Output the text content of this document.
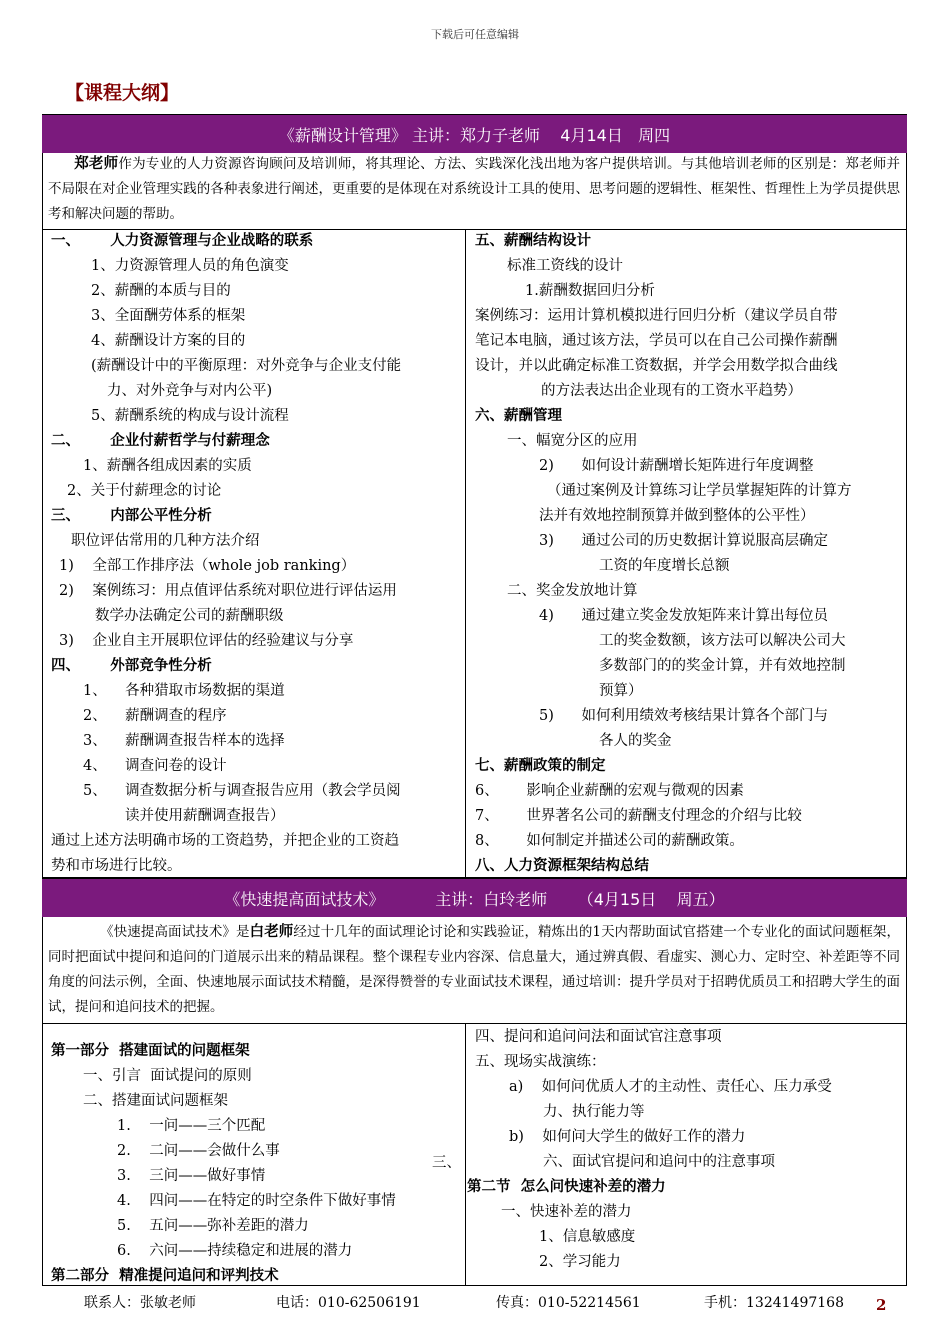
下载后可任意编辑
【课程大纲】
《薪酬设计管理》 主讲：郑力子老师    4月14日   周四
郑老师作为专业的人力资源咨询顾问及培训师，将其理论、方法、实践深化浅出地为客户提供培训。与其他培训老师的区别是：郑老师并不局限在对企业管理实践的各种表象进行阐述，更重要的是体现在对系统设计工具的使用、思考问题的逻辑性、框架性、哲理性上为学员提供思考和解决问题的帮助。
一、      人力资源管理与企业战略的联系
1、力资源管理人员的角色演变
2、薪酬的本质与目的
3、全面酬劳体系的框架
4、薪酬设计方案的目的
(薪酬设计中的平衡原理：对外竞争与企业支付能
力、对外竞争与对内公平)
5、薪酬系统的构成与设计流程
二、      企业付薪哲学与付薪理念
1、薪酬各组成因素的实质
2、关于付薪理念的讨论
三、      内部公平性分析
职位评估常用的几种方法介绍
1)    全部工作排序法（whole job ranking）
2)    案例练习：用点值评估系统对职位进行评估运用
数学办法确定公司的薪酬职级
3)    企业自主开展职位评估的经验建议与分享
四、      外部竞争性分析
1、    各种猎取市场数据的渠道
2、    薪酬调查的程序
3、    薪酬调查报告样本的选择
4、    调查问卷的设计
5、    调查数据分析与调查报告应用（教会学员阅
读并使用薪酬调查报告）
通过上述方法明确市场的工资趋势，并把企业的工资趋
势和市场进行比较。
五、薪酬结构设计
标准工资线的设计
1.薪酬数据回归分析
案例练习：运用计算机模拟进行回归分析（建议学员自带
笔记本电脑，通过该方法，学员可以在自己公司操作薪酬
设计，并以此确定标准工资数据，并学会用数学拟合曲线
的方法表达出企业现有的工资水平趋势）
六、薪酬管理
一、幅宽分区的应用
2)      如何设计薪酬增长矩阵进行年度调整
（通过案例及计算练习让学员掌握矩阵的计算方
法并有效地控制预算并做到整体的公平性）
3)      通过公司的历史数据计算说服高层确定
工资的年度增长总额
二、奖金发放地计算
4)      通过建立奖金发放矩阵来计算出每位员
工的奖金数额，该方法可以解决公司大
多数部门的的奖金计算，并有效地控制
预算）
5)      如何利用绩效考核结果计算各个部门与
各人的奖金
七、薪酬政策的制定
6、      影响企业薪酬的宏观与微观的因素
7、      世界著名公司的薪酬支付理念的介绍与比较
8、      如何制定并描述公司的薪酬政策。
八、人力资源框架结构总结
《快速提高面试技术》          主讲：白玲老师      （4月15日    周五）
《快速提高面试技术》是白老师经过十几年的面试理论讨论和实践验证，精炼出的1天内帮助面试官搭建一个专业化的面试问题框架，同时把面试中提问和追问的门道展示出来的精品课程。整个课程专业内容深、信息量大，通过辨真假、看虚实、测心力、定时空、补差距等不同角度的问法示例，全面、快速地展示面试技术精髓，是深得赞誉的专业面试技术课程，通过培训：提升学员对于招聘优质员工和招聘大学生的面试，提问和追问技术的把握。
第一部分  搭建面试的问题框架
一、引言  面试提问的原则
二、搭建面试问题框架
1.    一问——三个匹配
2.    二问——会做什么事
3.    三问——做好事情
4.    四问——在特定的时空条件下做好事情
5.    五问——弥补差距的潜力
6.    六问——持续稳定和进展的潜力
第二部分  精准提问追问和评判技术
四、提问和追问问法和面试官注意事项
五、现场实战演练：
a)    如何问优质人才的主动性、责任心、压力承受
力、执行能力等
b)    如何问大学生的做好工作的潜力
六、面试官提问和追问中的注意事项
第二节  怎么问快速补差的潜力
一、快速补差的潜力
1、信息敏感度
2、学习能力
三、
联系人：张敏老师	电话：010-62506191	传真：010-52214561	手机：13241497168 2
